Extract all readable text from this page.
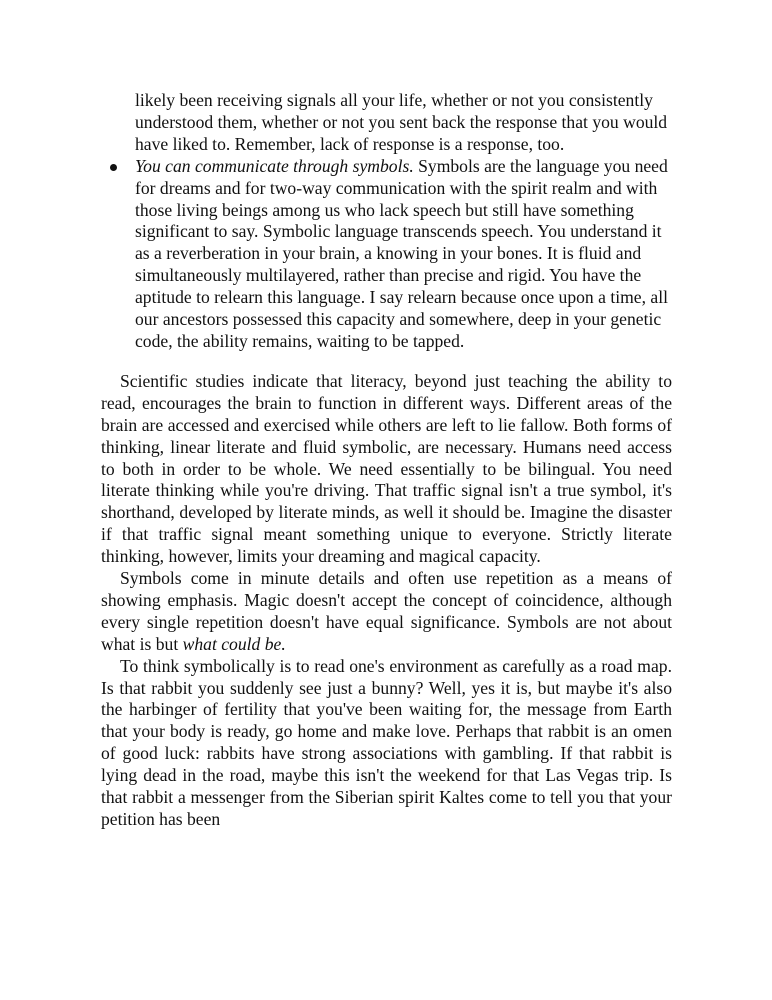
likely been receiving signals all your life, whether or not you consistently understood them, whether or not you sent back the response that you would have liked to. Remember, lack of response is a response, too.

You can communicate through symbols. Symbols are the language you need for dreams and for two-way communication with the spirit realm and with those living beings among us who lack speech but still have something significant to say. Symbolic language transcends speech. You understand it as a reverberation in your brain, a knowing in your bones. It is fluid and simultaneously multilayered, rather than precise and rigid. You have the aptitude to relearn this language. I say relearn because once upon a time, all our ancestors possessed this capacity and somewhere, deep in your genetic code, the ability remains, waiting to be tapped.

Scientific studies indicate that literacy, beyond just teaching the ability to read, encourages the brain to function in different ways. Different areas of the brain are accessed and exercised while others are left to lie fallow. Both forms of thinking, linear literate and fluid symbolic, are necessary. Humans need access to both in order to be whole. We need essentially to be bilingual. You need literate thinking while you're driving. That traffic signal isn't a true symbol, it's shorthand, developed by literate minds, as well it should be. Imagine the disaster if that traffic signal meant something unique to everyone. Strictly literate thinking, however, limits your dreaming and magical capacity.

Symbols come in minute details and often use repetition as a means of showing emphasis. Magic doesn't accept the concept of coincidence, although every single repetition doesn't have equal significance. Symbols are not about what is but what could be.

To think symbolically is to read one's environment as carefully as a road map. Is that rabbit you suddenly see just a bunny? Well, yes it is, but maybe it's also the harbinger of fertility that you've been waiting for, the message from Earth that your body is ready, go home and make love. Perhaps that rabbit is an omen of good luck: rabbits have strong associations with gambling. If that rabbit is lying dead in the road, maybe this isn't the weekend for that Las Vegas trip. Is that rabbit a messenger from the Siberian spirit Kaltes come to tell you that your petition has been
